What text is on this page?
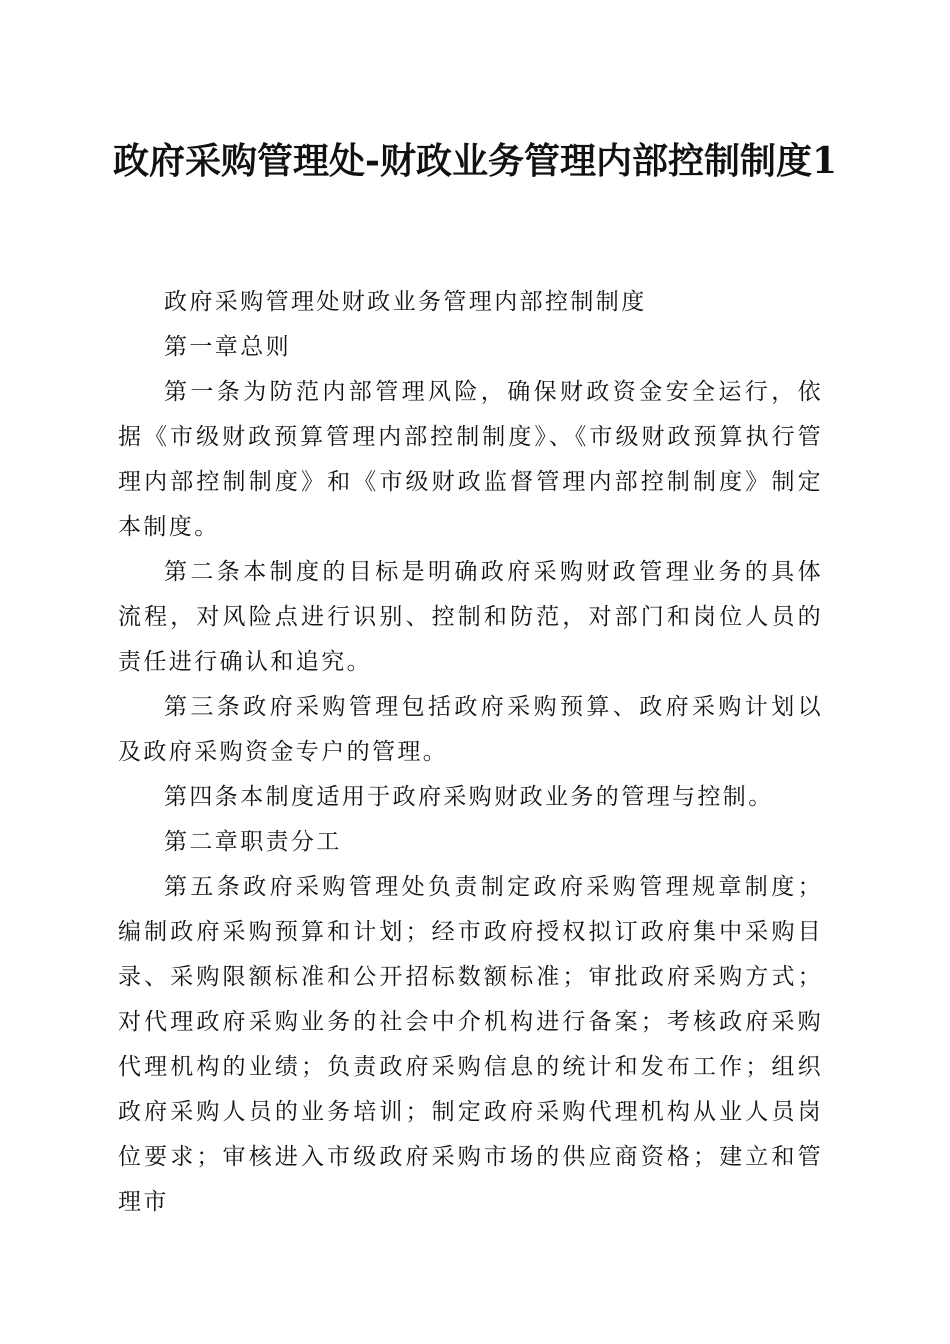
政府采购管理处-财政业务管理内部控制制度1

政府采购管理处财政业务管理内部控制制度

第一章总则

第一条为防范内部管理风险，确保财政资金安全运行，依据《市级财政预算管理内部控制制度》、《市级财政预算执行管理内部控制制度》和《市级财政监督管理内部控制制度》制定本制度。

第二条本制度的目标是明确政府采购财政管理业务的具体流程，对风险点进行识别、控制和防范，对部门和岗位人员的责任进行确认和追究。

第三条政府采购管理包括政府采购预算、政府采购计划以及政府采购资金专户的管理。

第四条本制度适用于政府采购财政业务的管理与控制。

第二章职责分工

第五条政府采购管理处负责制定政府采购管理规章制度；编制政府采购预算和计划；经市政府授权拟订政府集中采购目录、采购限额标准和公开招标数额标准；审批政府采购方式；对代理政府采购业务的社会中介机构进行备案；考核政府采购代理机构的业绩；负责政府采购信息的统计和发布工作；组织政府采购人员的业务培训；制定政府采购代理机构从业人员岗位要求；审核进入市级政府采购市场的供应商资格；建立和管理市
